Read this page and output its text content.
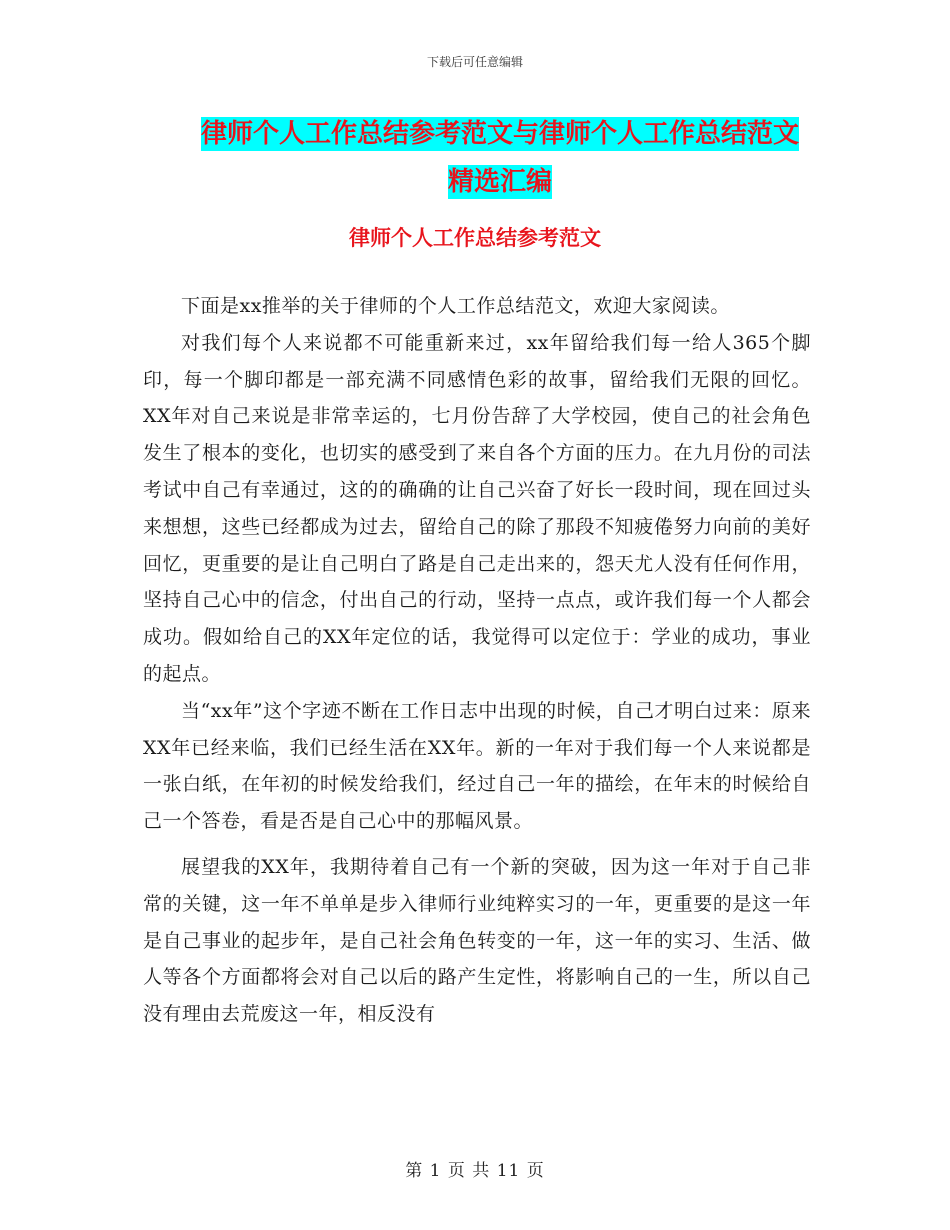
下载后可任意编辑
律师个人工作总结参考范文与律师个人工作总结范文
精选汇编
律师个人工作总结参考范文

下面是xx推举的关于律师的个人工作总结范文，欢迎大家阅读。

对我们每个人来说都不可能重新来过，xx年留给我们每一给人365个脚印，每一个脚印都是一部充满不同感情色彩的故事，留给我们无限的回忆。XX年对自己来说是非常幸运的，七月份告辞了大学校园，使自己的社会角色发生了根本的变化，也切实的感受到了来自各个方面的压力。在九月份的司法考试中自己有幸通过，这的的确确的让自己兴奋了好长一段时间，现在回过头来想想，这些已经都成为过去，留给自己的除了那段不知疲倦努力向前的美好回忆，更重要的是让自己明白了路是自己走出来的，怨天尤人没有任何作用，坚持自己心中的信念，付出自己的行动，坚持一点点，或许我们每一个人都会成功。假如给自己的XX年定位的话，我觉得可以定位于：学业的成功，事业的起点。

当“xx年”这个字迹不断在工作日志中出现的时候，自己才明白过来：原来XX年已经来临，我们已经生活在XX年。新的一年对于我们每一个人来说都是一张白纸，在年初的时候发给我们，经过自己一年的描绘，在年末的时候给自己一个答卷，看是否是自己心中的那幅风景。

展望我的XX年，我期待着自己有一个新的突破，因为这一年对于自己非常的关键，这一年不单单是步入律师行业纯粹实习的一年，更重要的是这一年是自己事业的起步年，是自己社会角色转变的一年，这一年的实习、生活、做人等各个方面都将会对自己以后的路产生定性，将影响自己的一生，所以自己没有理由去荒废这一年，相反没有

第 1 页 共 11 页
